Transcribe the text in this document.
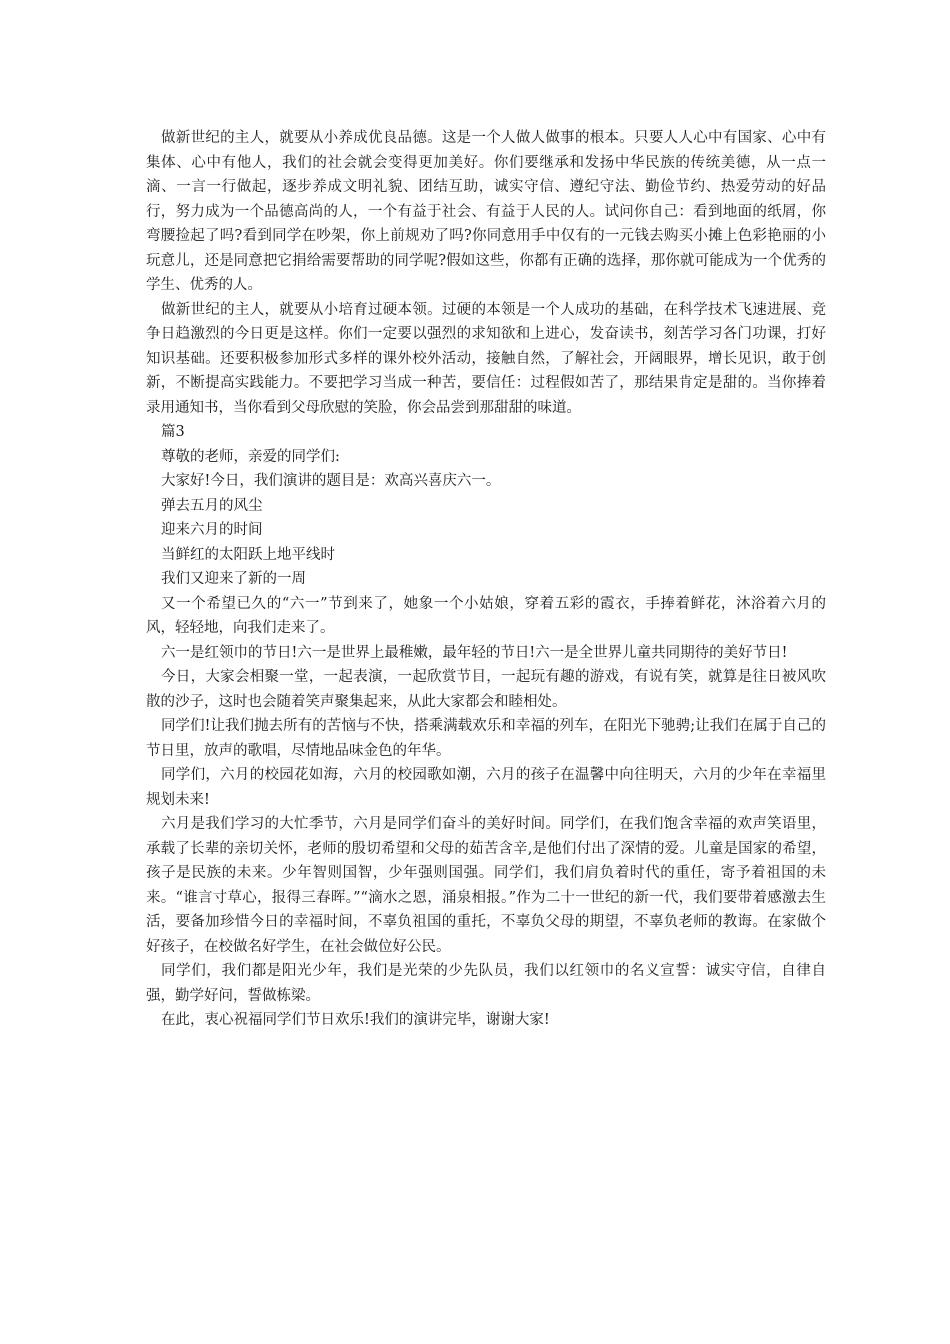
做新世纪的主人，就要从小养成优良品德。这是一个人做人做事的根本。只要人人心中有国家、心中有集体、心中有他人，我们的社会就会变得更加美好。你们要继承和发扬中华民族的传统美德，从一点一滴、一言一行做起，逐步养成文明礼貌、团结互助，诚实守信、遵纪守法、勤俭节约、热爱劳动的好品行，努力成为一个品德高尚的人，一个有益于社会、有益于人民的人。试问你自己：看到地面的纸屑，你弯腰捡起了吗?看到同学在吵架，你上前规劝了吗?你同意用手中仅有的一元钱去购买小摊上色彩艳丽的小玩意儿，还是同意把它捐给需要帮助的同学呢?假如这些，你都有正确的选择，那你就可能成为一个优秀的学生、优秀的人。

做新世纪的主人，就要从小培育过硬本领。过硬的本领是一个人成功的基础，在科学技术飞速进展、竞争日趋激烈的今日更是这样。你们一定要以强烈的求知欲和上进心，发奋读书，刻苦学习各门功课，打好知识基础。还要积极参加形式多样的课外校外活动，接触自然，了解社会，开阔眼界，增长见识，敢于创新，不断提高实践能力。不要把学习当成一种苦，要信任：过程假如苦了，那结果肯定是甜的。当你捧着录用通知书，当你看到父母欣慰的笑脸，你会品尝到那甜甜的味道。

篇3

尊敬的老师，亲爱的同学们:

大家好!今日，我们演讲的题目是：欢高兴喜庆六一。

弹去五月的风尘

迎来六月的时间

当鲜红的太阳跃上地平线时

我们又迎来了新的一周

又一个希望已久的“六一”节到来了，她象一个小姑娘，穿着五彩的霞衣，手捧着鲜花，沐浴着六月的风，轻轻地，向我们走来了。

六一是红领巾的节日!六一是世界上最稚嫩，最年轻的节日!六一是全世界儿童共同期待的美好节日!

今日，大家会相聚一堂，一起表演，一起欣赏节目，一起玩有趣的游戏，有说有笑，就算是往日被风吹散的沙子，这时也会随着笑声聚集起来，从此大家都会和睦相处。

同学们!让我们抛去所有的苦恼与不快，搭乘满载欢乐和幸福的列车，在阳光下驰骋;让我们在属于自己的节日里，放声的歌唱，尽情地品味金色的年华。

同学们，六月的校园花如海，六月的校园歌如潮，六月的孩子在温馨中向往明天，六月的少年在幸福里规划未来!

六月是我们学习的大忙季节，六月是同学们奋斗的美好时间。同学们，在我们饱含幸福的欢声笑语里，承载了长辈的亲切关怀，老师的殷切希望和父母的茹苦含辛,是他们付出了深情的爱。儿童是国家的希望，孩子是民族的未来。少年智则国智，少年强则国强。同学们，我们肩负着时代的重任，寄予着祖国的未来。“谁言寸草心，报得三春晖。”“滴水之恩，涌泉相报。”作为二十一世纪的新一代，我们要带着感激去生活，要备加珍惜今日的幸福时间，不辜负祖国的重托，不辜负父母的期望，不辜负老师的教诲。在家做个好孩子，在校做名好学生，在社会做位好公民。

同学们，我们都是阳光少年，我们是光荣的少先队员，我们以红领巾的名义宣誓：诚实守信，自律自强，勤学好问，誓做栋梁。

在此，衷心祝福同学们节日欢乐!我们的演讲完毕，谢谢大家!
